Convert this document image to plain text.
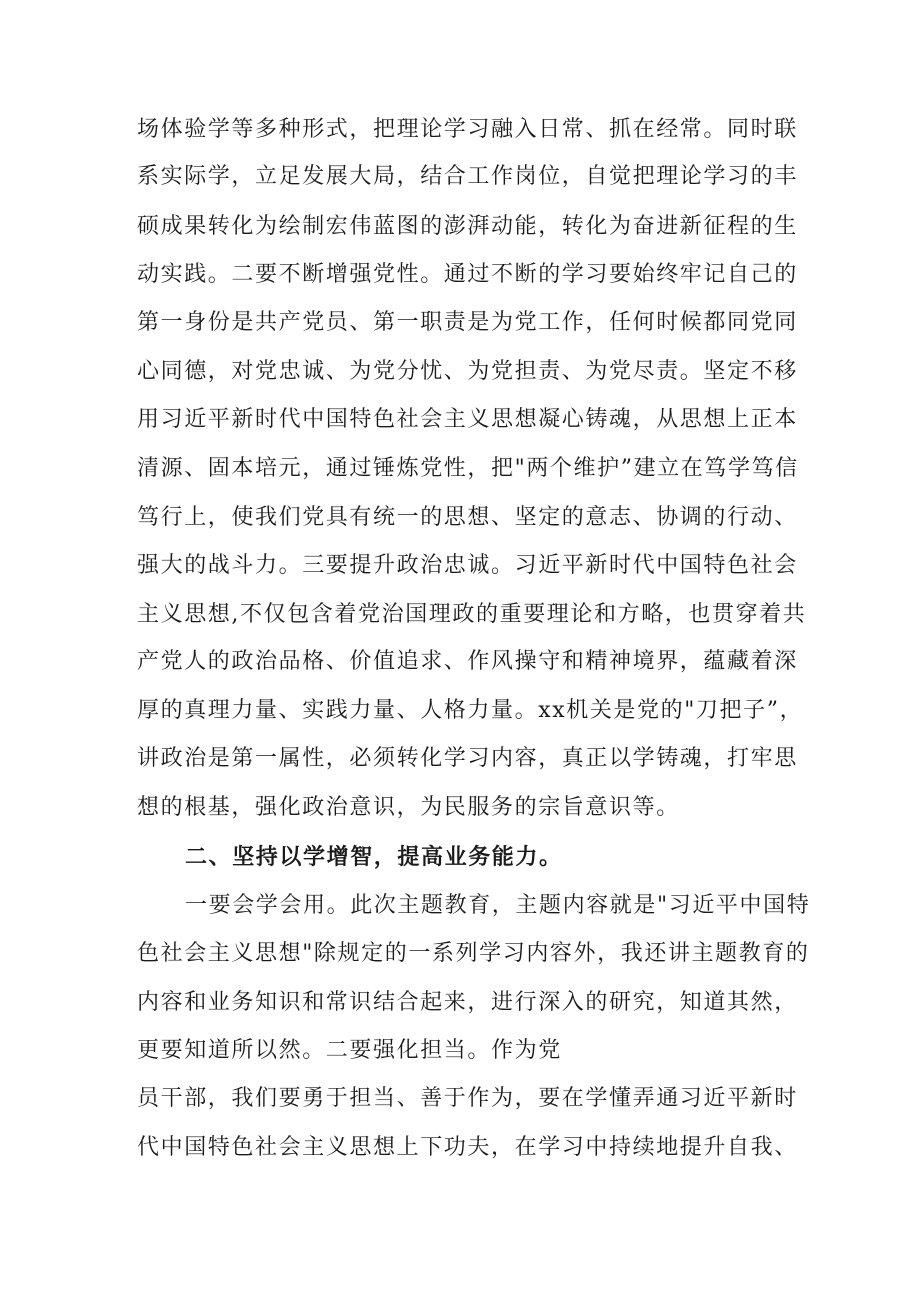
场体验学等多种形式，把理论学习融入日常、抓在经常。同时联
系实际学，立足发展大局，结合工作岗位，自觉把理论学习的丰
硕成果转化为绘制宏伟蓝图的澎湃动能，转化为奋进新征程的生
动实践。二要不断增强党性。通过不断的学习要始终牢记自己的
第一身份是共产党员、第一职责是为党工作，任何时候都同党同
心同德，对党忠诚、为党分忧、为党担责、为党尽责。坚定不移
用习近平新时代中国特色社会主义思想凝心铸魂，从思想上正本
清源、固本培元，通过锤炼党性，把"两个维护”建立在笃学笃信
笃行上，使我们党具有统一的思想、坚定的意志、协调的行动、
强大的战斗力。三要提升政治忠诚。习近平新时代中国特色社会
主义思想,不仅包含着党治国理政的重要理论和方略，也贯穿着共
产党人的政治品格、价值追求、作风操守和精神境界，蕴藏着深
厚的真理力量、实践力量、人格力量。xx机关是党的"刀把子”，
讲政治是第一属性，必须转化学习内容，真正以学铸魂，打牢思
想的根基，强化政治意识，为民服务的宗旨意识等。
二、坚持以学增智，提高业务能力。
一要会学会用。此次主题教育，主题内容就是"习近平中国特
色社会主义思想"除规定的一系列学习内容外，我还讲主题教育的
内容和业务知识和常识结合起来，进行深入的研究，知道其然，
更要知道所以然。二要强化担当。作为党
员干部，我们要勇于担当、善于作为，要在学懂弄通习近平新时
代中国特色社会主义思想上下功夫，在学习中持续地提升自我、
